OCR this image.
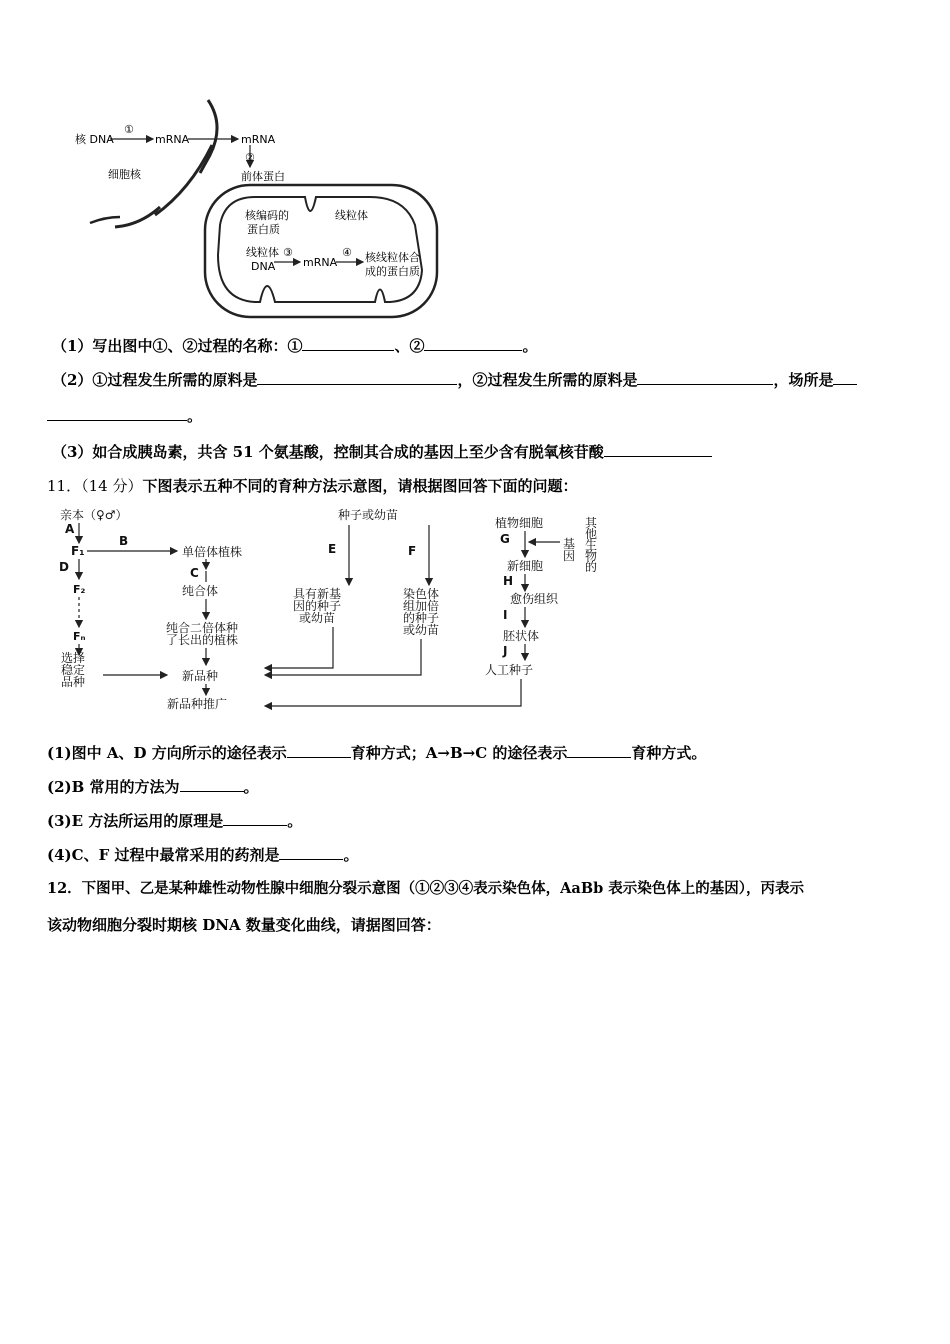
核 DNA
①
mRNA	mRNA
②
细胞核	前体蛋白
核编码的
蛋白质
线粒体
线粒体
DNA
③
mRNA
④ 核线粒体合
成的蛋白质
（1）写出图中①、②过程的名称：①	、②	。
（2）①过程发生所需的原料是	，②过程发生所需的原料是	，场所是
。
（3）如合成胰岛素，共含 51 个氨基酸，控制其合成的基因上至少含有脱氧核苷酸
11．（14 分）下图表示五种不同的育种方法示意图，请根据图回答下面的问题：
亲本（♀♂）
A
F₁
B
单倍体植株
D
F₂
Fₙ
选择
稳定
品种
C
纯合体
纯合二倍体种
了长出的植株
新品种
新品种推广
种子或幼苗
E	F
具有新基
因的种子
或幼苗
染色体
组加倍
的种子
或幼苗
植物细胞	其
他
生
物
的
G	基
因
新细胞
H
愈伤组织
I
胚状体
J
人工种子
(1)图中 A、D 方向所示的途径表示	育种方式；A→B→C 的途径表示	育种方式。
(2)B 常用的方法为	。
(3)E 方法所运用的原理是	。
(4)C、F 过程中最常采用的药剂是	。
12．下图甲、乙是某种雄性动物性腺中细胞分裂示意图（①②③④表示染色体，AaBb 表示染色体上的基因），丙表示
该动物细胞分裂时期核 DNA 数量变化曲线，请据图回答：
